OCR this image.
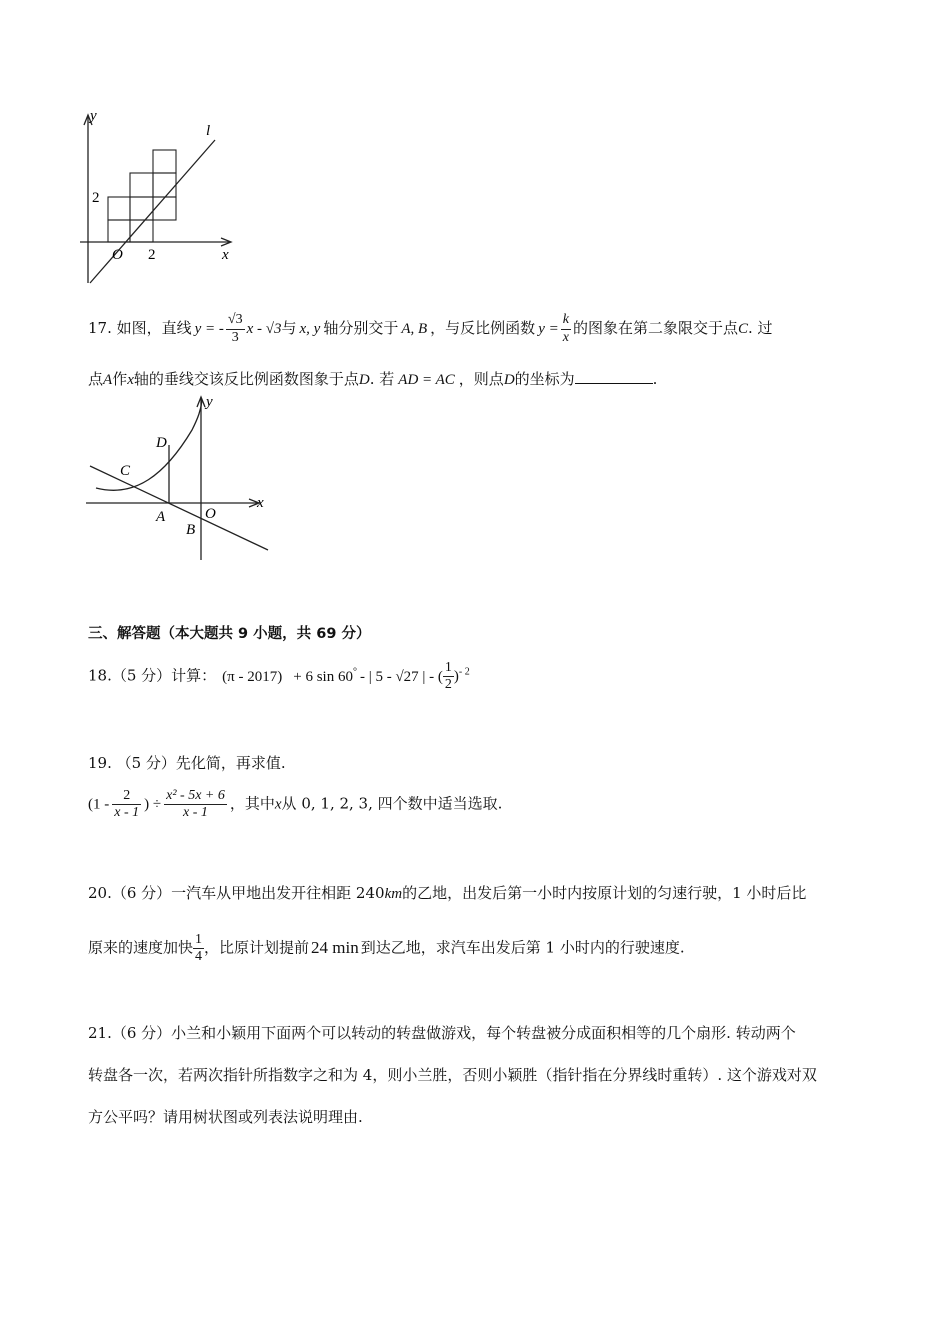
y
l
2
O 2	x
17. 如图，直线 y = - $\frac{√3}{3}$ x - √3与 x, y 轴分别交于 A, B ，与反比例函数 $y = \frac{k}{x}$ 的图象在第二象限交于点C. 过
点A作x轴的垂线交该反比例函数图象于点D. 若 AD = AC ，则点D的坐标为	.
y
x
D
C
A	O
B
三、解答题（本大题共 9 小题，共 69 分）
18.（5 分）计算： (π - 2017)$^0$ + 6 sin 60° - | 5 - √27 | - ( $\frac{1}{2} )^{- 2}$
19. （5 分）先化简，再求值.
($1 - \frac{2}{x - 1}$ ) ÷ $\frac{\text{x² - 5x + 6}}{x - 1}$ ，其中x从 0, 1, 2, 3, 四个数中适当选取.
20.（6 分）一汽车从甲地出发开往相距 240km的乙地，出发后第一小时内按原计划的匀速行驶，1 小时后比
原来的速度加快 $\frac{1}{4}$ ，比原计划提前 24 min 到达乙地，求汽车出发后第 1 小时内的行驶速度.
21.（6 分）小兰和小颖用下面两个可以转动的转盘做游戏，每个转盘被分成面积相等的几个扇形. 转动两个
转盘各一次，若两次指针所指数字之和为 4，则小兰胜，否则小颖胜（指针指在分界线时重转）. 这个游戏对双
方公平吗？请用树状图或列表法说明理由.
